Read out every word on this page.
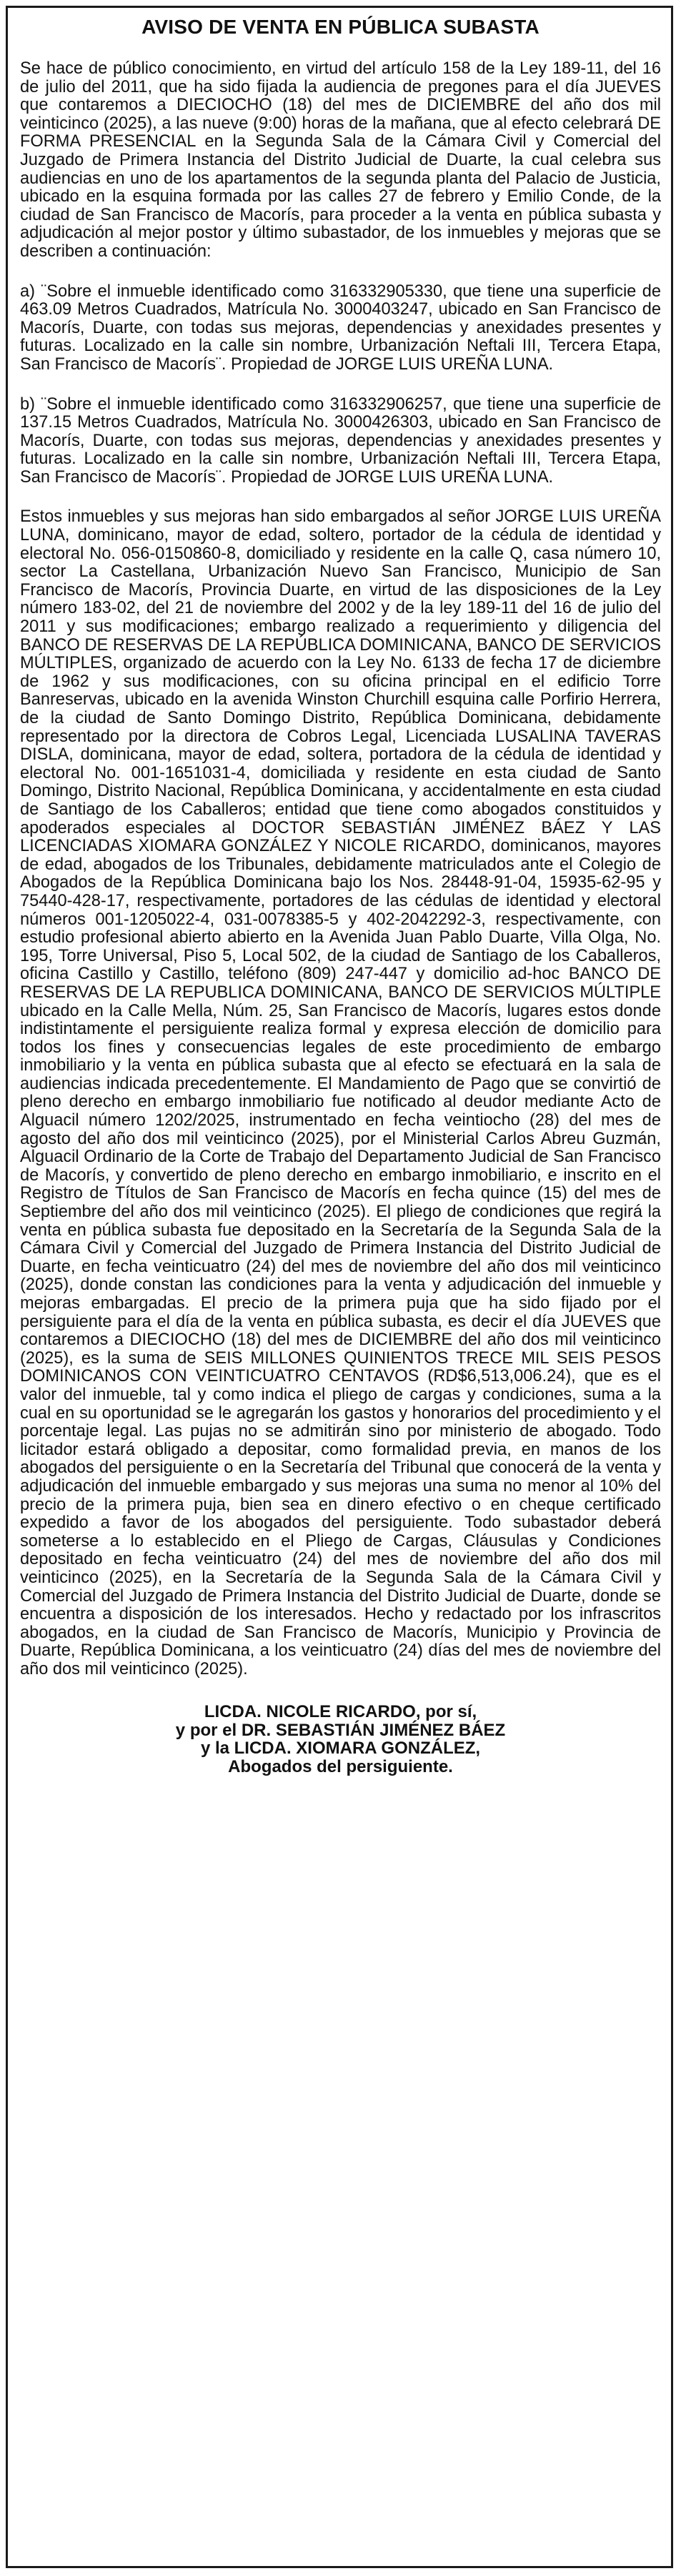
AVISO DE VENTA EN PÚBLICA SUBASTA

Se hace de público conocimiento, en virtud del artículo 158 de la Ley 189-11, del 16 de julio del 2011, que ha sido fijada la audiencia de pregones para el día JUEVES que contaremos a DIECIOCHO (18) del mes de DICIEMBRE del año dos mil veinticinco (2025), a las nueve (9:00) horas de la mañana, que al efecto celebrará DE FORMA PRESENCIAL en la Segunda Sala de la Cámara Civil y Comercial del Juzgado de Primera Instancia del Distrito Judicial de Duarte, la cual celebra sus audiencias en uno de los apartamentos de la segunda planta del Palacio de Justicia, ubicado en la esquina formada por las calles 27 de febrero y Emilio Conde, de la ciudad de San Francisco de Macorís, para proceder a la venta en pública subasta y adjudicación al mejor postor y último subastador, de los inmuebles y mejoras que se describen a continuación:

a) ¨Sobre el inmueble identificado como 316332905330, que tiene una superficie de 463.09 Metros Cuadrados, Matrícula No. 3000403247, ubicado en San Francisco de Macorís, Duarte, con todas sus mejoras, dependencias y anexidades presentes y futuras. Localizado en la calle sin nombre, Urbanización Neftali III, Tercera Etapa, San Francisco de Macorís¨. Propiedad de JORGE LUIS UREÑA LUNA.

b) ¨Sobre el inmueble identificado como 316332906257, que tiene una superficie de 137.15 Metros Cuadrados, Matrícula No. 3000426303, ubicado en San Francisco de Macorís, Duarte, con todas sus mejoras, dependencias y anexidades presentes y futuras. Localizado en la calle sin nombre, Urbanización Neftali III, Tercera Etapa, San Francisco de Macorís¨. Propiedad de JORGE LUIS UREÑA LUNA.

Estos inmuebles y sus mejoras han sido embargados al señor JORGE LUIS UREÑA LUNA, dominicano, mayor de edad, soltero, portador de la cédula de identidad y electoral No. 056-0150860-8, domiciliado y residente en la calle Q, casa número 10, sector La Castellana, Urbanización Nuevo San Francisco, Municipio de San Francisco de Macorís, Provincia Duarte, en virtud de las disposiciones de la Ley número 183-02, del 21 de noviembre del 2002 y de la ley 189-11 del 16 de julio del 2011 y sus modificaciones; embargo realizado a requerimiento y diligencia del BANCO DE RESERVAS DE LA REPÚBLICA DOMINICANA, BANCO DE SERVICIOS MÚLTIPLES, organizado de acuerdo con la Ley No. 6133 de fecha 17 de diciembre de 1962 y sus modificaciones, con su oficina principal en el edificio Torre Banreservas, ubicado en la avenida Winston Churchill esquina calle Porfirio Herrera, de la ciudad de Santo Domingo Distrito, República Dominicana, debidamente representado por la directora de Cobros Legal, Licenciada LUSALINA TAVERAS DISLA, dominicana, mayor de edad, soltera, portadora de la cédula de identidad y electoral No. 001-1651031-4, domiciliada y residente en esta ciudad de Santo Domingo, Distrito Nacional, República Dominicana, y accidentalmente en esta ciudad de Santiago de los Caballeros; entidad que tiene como abogados constituidos y apoderados especiales al DOCTOR SEBASTIÁN JIMÉNEZ BÁEZ Y LAS LICENCIADAS XIOMARA GONZÁLEZ Y NICOLE RICARDO, dominicanos, mayores de edad, abogados de los Tribunales, debidamente matriculados ante el Colegio de Abogados de la República Dominicana bajo los Nos. 28448-91-04, 15935-62-95 y 75440-428-17, respectivamente, portadores de las cédulas de identidad y electoral números 001-1205022-4, 031-0078385-5 y 402-2042292-3, respectivamente, con estudio profesional abierto abierto en la Avenida Juan Pablo Duarte, Villa Olga, No. 195, Torre Universal, Piso 5, Local 502, de la ciudad de Santiago de los Caballeros, oficina Castillo y Castillo, teléfono (809) 247-447 y domicilio ad-hoc BANCO DE RESERVAS DE LA REPUBLICA DOMINICANA, BANCO DE SERVICIOS MÚLTIPLE ubicado en la Calle Mella, Núm. 25, San Francisco de Macorís, lugares estos donde indistintamente el persiguiente realiza formal y expresa elección de domicilio para todos los fines y consecuencias legales de este procedimiento de embargo inmobiliario y la venta en pública subasta que al efecto se efectuará en la sala de audiencias indicada precedentemente. El Mandamiento de Pago que se convirtió de pleno derecho en embargo inmobiliario fue notificado al deudor mediante Acto de Alguacil número 1202/2025, instrumentado en fecha veintiocho (28) del mes de agosto del año dos mil veinticinco (2025), por el Ministerial Carlos Abreu Guzmán, Alguacil Ordinario de la Corte de Trabajo del Departamento Judicial de San Francisco de Macorís, y convertido de pleno derecho en embargo inmobiliario, e inscrito en el Registro de Títulos de San Francisco de Macorís en fecha quince (15) del mes de Septiembre del año dos mil veinticinco (2025). El pliego de condiciones que regirá la venta en pública subasta fue depositado en la Secretaría de la Segunda Sala de la Cámara Civil y Comercial del Juzgado de Primera Instancia del Distrito Judicial de Duarte, en fecha veinticuatro (24) del mes de noviembre del año dos mil veinticinco (2025), donde constan las condiciones para la venta y adjudicación del inmueble y mejoras embargadas. El precio de la primera puja que ha sido fijado por el persiguiente para el día de la venta en pública subasta, es decir el día JUEVES que contaremos a DIECIOCHO (18) del mes de DICIEMBRE del año dos mil veinticinco (2025), es la suma de SEIS MILLONES QUINIENTOS TRECE MIL SEIS PESOS DOMINICANOS CON VEINTICUATRO CENTAVOS (RD$6,513,006.24), que es el valor del inmueble, tal y como indica el pliego de cargas y condiciones, suma a la cual en su oportunidad se le agregarán los gastos y honorarios del procedimiento y el porcentaje legal. Las pujas no se admitirán sino por ministerio de abogado. Todo licitador estará obligado a depositar, como formalidad previa, en manos de los abogados del persiguiente o en la Secretaría del Tribunal que conocerá de la venta y adjudicación del inmueble embargado y sus mejoras una suma no menor al 10% del precio de la primera puja, bien sea en dinero efectivo o en cheque certificado expedido a favor de los abogados del persiguiente. Todo subastador deberá someterse a lo establecido en el Pliego de Cargas, Cláusulas y Condiciones depositado en fecha veinticuatro (24) del mes de noviembre del año dos mil veinticinco (2025), en la Secretaría de la Segunda Sala de la Cámara Civil y Comercial del Juzgado de Primera Instancia del Distrito Judicial de Duarte, donde se encuentra a disposición de los interesados. Hecho y redactado por los infrascritos abogados, en la ciudad de San Francisco de Macorís, Municipio y Provincia de Duarte, República Dominicana, a los veinticuatro (24) días del mes de noviembre del año dos mil veinticinco (2025).

LICDA. NICOLE RICARDO, por sí,
y por el DR. SEBASTIÁN JIMÉNEZ BÁEZ
y la LICDA. XIOMARA GONZÁLEZ,
Abogados del persiguiente.
